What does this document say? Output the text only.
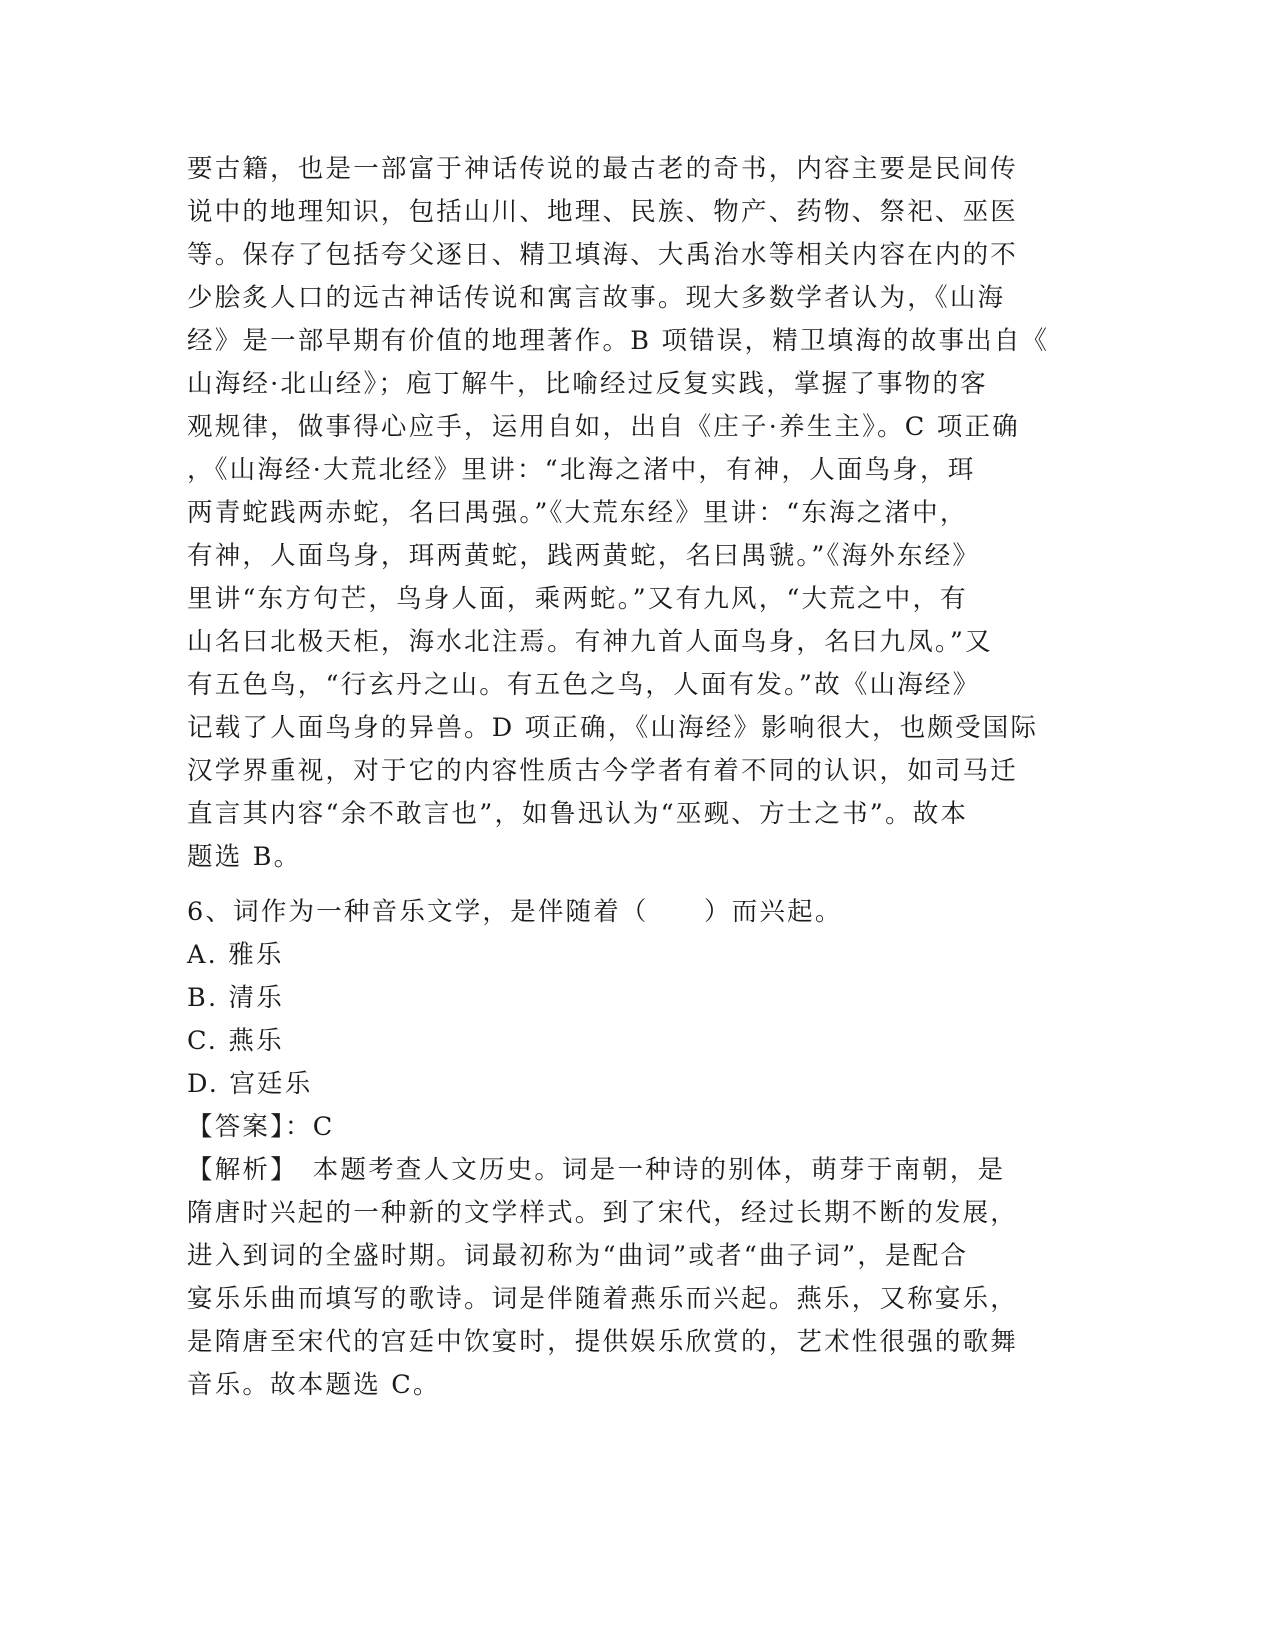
要古籍，也是一部富于神话传说的最古老的奇书，内容主要是民间传
说中的地理知识，包括山川、地理、民族、物产、药物、祭祀、巫医
等。保存了包括夸父逐日、精卫填海、大禹治水等相关内容在内的不
少脍炙人口的远古神话传说和寓言故事。现大多数学者认为，《山海
经》是一部早期有价值的地理著作。B 项错误，精卫填海的故事出自《
山海经·北山经》；庖丁解牛，比喻经过反复实践，掌握了事物的客
观规律，做事得心应手，运用自如，出自《庄子·养生主》。C 项正确
，《山海经·大荒北经》里讲：“北海之渚中，有神，人面鸟身，珥
两青蛇践两赤蛇，名曰禺强。”《大荒东经》里讲：“东海之渚中，
有神，人面鸟身，珥两黄蛇，践两黄蛇，名曰禺虢。”《海外东经》
里讲“东方句芒，鸟身人面，乘两蛇。”又有九风，“大荒之中，有
山名曰北极天柜，海水北注焉。有神九首人面鸟身，名曰九凤。”又
有五色鸟，“行玄丹之山。有五色之鸟，人面有发。”故《山海经》
记载了人面鸟身的异兽。D 项正确，《山海经》影响很大，也颇受国际
汉学界重视，对于它的内容性质古今学者有着不同的认识，如司马迁
直言其内容“余不敢言也”，如鲁迅认为“巫觋、方士之书”。故本
题选 B。
6、词作为一种音乐文学，是伴随着（　　）而兴起。
A. 雅乐
B. 清乐
C. 燕乐
D. 宫廷乐
【答案】：C
【解析】　本题考查人文历史。词是一种诗的别体，萌芽于南朝，是
隋唐时兴起的一种新的文学样式。到了宋代，经过长期不断的发展，
进入到词的全盛时期。词最初称为“曲词”或者“曲子词”，是配合
宴乐乐曲而填写的歌诗。词是伴随着燕乐而兴起。燕乐，又称宴乐，
是隋唐至宋代的宫廷中饮宴时，提供娱乐欣赏的，艺术性很强的歌舞
音乐。故本题选 C。
